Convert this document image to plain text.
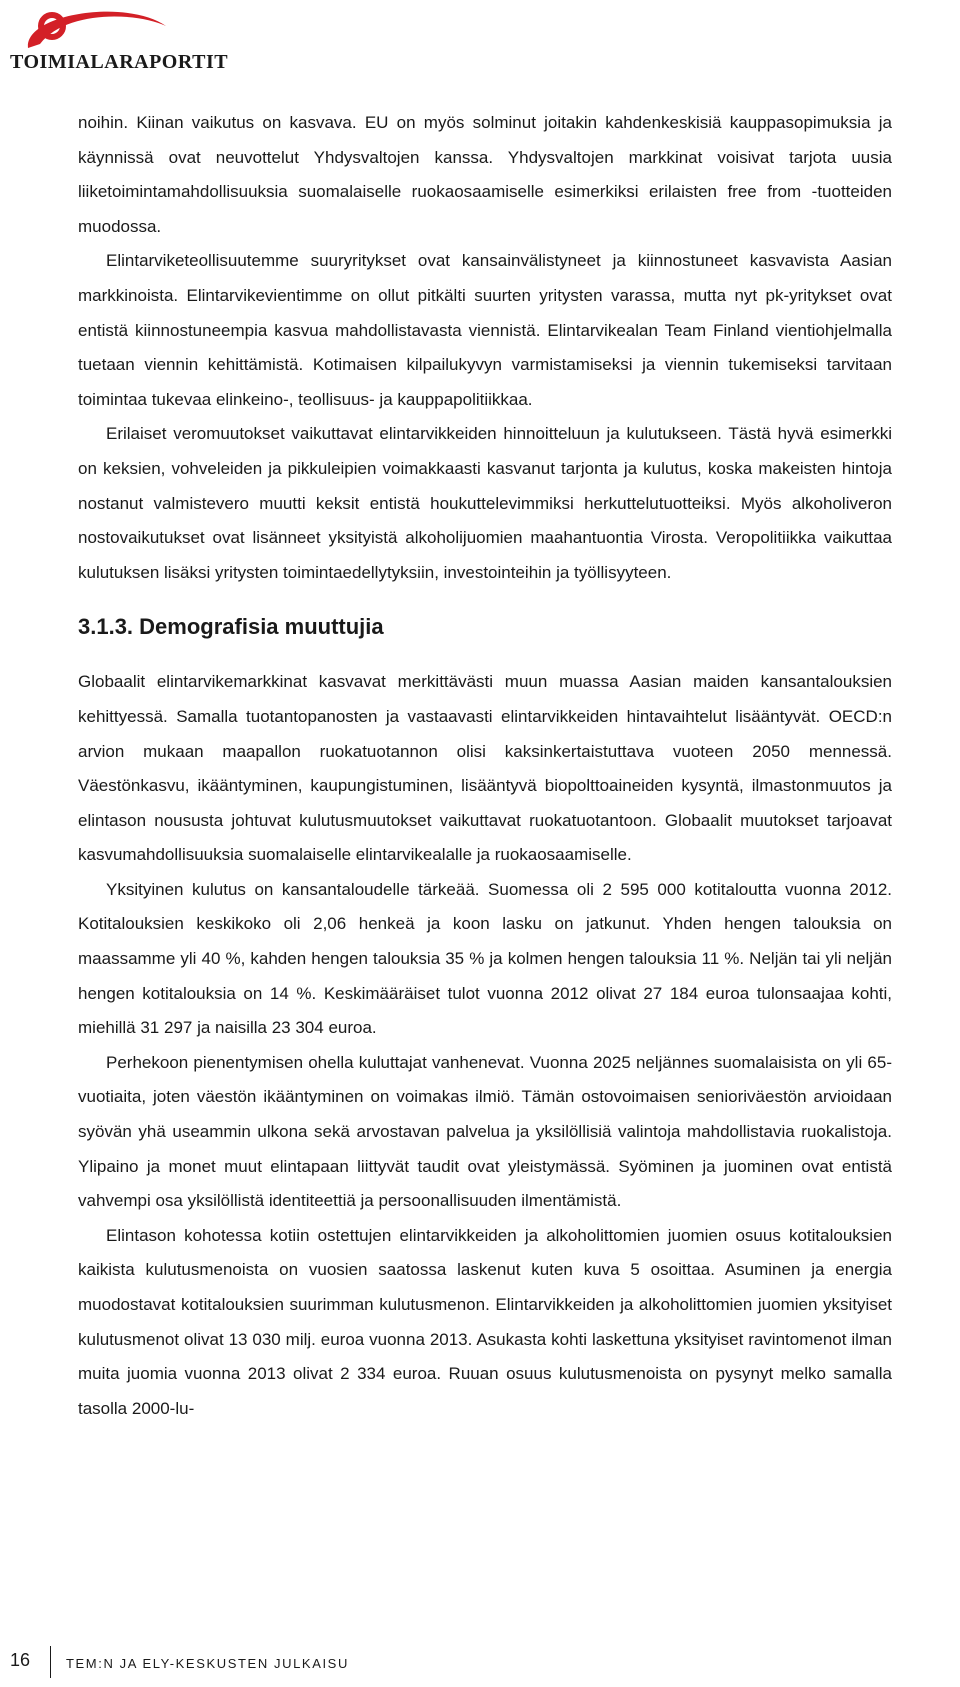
TOIMIALARAPORTIT

noihin. Kiinan vaikutus on kasvava. EU on myös solminut joitakin kahdenkeskisiä kauppasopimuksia ja käynnissä ovat neuvottelut Yhdysvaltojen kanssa. Yhdysvaltojen markkinat voisivat tarjota uusia liiketoimintamahdollisuuksia suomalaiselle ruokaosaamiselle esimerkiksi erilaisten free from -tuotteiden muodossa.

Elintarviketeollisuutemme suuryritykset ovat kansainvälistyneet ja kiinnostuneet kasvavista Aasian markkinoista. Elintarvikevientimme on ollut pitkälti suurten yritysten varassa, mutta nyt pk-yritykset ovat entistä kiinnostuneempia kasvua mahdollistavasta viennistä. Elintarvikealan Team Finland vientiohjelmalla tuetaan viennin kehittämistä. Kotimaisen kilpailukyvyn varmistamiseksi ja viennin tukemiseksi tarvitaan toimintaa tukevaa elinkeino-, teollisuus- ja kauppapolitiikkaa.

Erilaiset veromuutokset vaikuttavat elintarvikkeiden hinnoitteluun ja kulutukseen. Tästä hyvä esimerkki on keksien, vohveleiden ja pikkuleipien voimakkaasti kasvanut tarjonta ja kulutus, koska makeisten hintoja nostanut valmistevero muutti keksit entistä houkuttelevimmiksi herkuttelutuotteiksi. Myös alkoholiveron nostovaikutukset ovat lisänneet yksityistä alkoholijuomien maahantuontia Virosta. Veropolitiikka vaikuttaa kulutuksen lisäksi yritysten toimintaedellytyksiin, investointeihin ja työllisyyteen.

3.1.3. Demografisia muuttujia

Globaalit elintarvikemarkkinat kasvavat merkittävästi muun muassa Aasian maiden kansantalouksien kehittyessä. Samalla tuotantopanosten ja vastaavasti elintarvikkeiden hintavaihtelut lisääntyvät. OECD:n arvion mukaan maapallon ruokatuotannon olisi kaksinkertaistuttava vuoteen 2050 mennessä. Väestönkasvu, ikääntyminen, kaupungistuminen, lisääntyvä biopolttoaineiden kysyntä, ilmastonmuutos ja elintason noususta johtuvat kulutusmuutokset vaikuttavat ruokatuotantoon. Globaalit muutokset tarjoavat kasvumahdollisuuksia suomalaiselle elintarvikealalle ja ruokaosaamiselle.

Yksityinen kulutus on kansantaloudelle tärkeää. Suomessa oli 2 595 000 kotitaloutta vuonna 2012. Kotitalouksien keskikoko oli 2,06 henkeä ja koon lasku on jatkunut. Yhden hengen talouksia on maassamme yli 40 %, kahden hengen talouksia 35 % ja kolmen hengen talouksia 11 %. Neljän tai yli neljän hengen kotitalouksia on 14 %. Keskimääräiset tulot vuonna 2012 olivat 27 184 euroa tulonsaajaa kohti, miehillä 31 297 ja naisilla 23 304 euroa.

Perhekoon pienentymisen ohella kuluttajat vanhenevat. Vuonna 2025 neljännes suomalaisista on yli 65-vuotiaita, joten väestön ikääntyminen on voimakas ilmiö. Tämän ostovoimaisen senioriväestön arvioidaan syövän yhä useammin ulkona sekä arvostavan palvelua ja yksilöllisiä valintoja mahdollistavia ruokalistoja. Ylipaino ja monet muut elintapaan liittyvät taudit ovat yleistymässä. Syöminen ja juominen ovat entistä vahvempi osa yksilöllistä identiteettiä ja persoonallisuuden ilmentämistä.

Elintason kohotessa kotiin ostettujen elintarvikkeiden ja alkoholittomien juomien osuus kotitalouksien kaikista kulutusmenoista on vuosien saatossa laskenut kuten kuva 5 osoittaa. Asuminen ja energia muodostavat kotitalouksien suurimman kulutusmenon. Elintarvikkeiden ja alkoholittomien juomien yksityiset kulutusmenot olivat 13 030 milj. euroa vuonna 2013. Asukasta kohti laskettuna yksityiset ravintomenot ilman muita juomia vuonna 2013 olivat 2 334 euroa. Ruuan osuus kulutusmenoista on pysynyt melko samalla tasolla 2000-lu-

16	TEM:N JA ELY-KESKUSTEN JULKAISU
